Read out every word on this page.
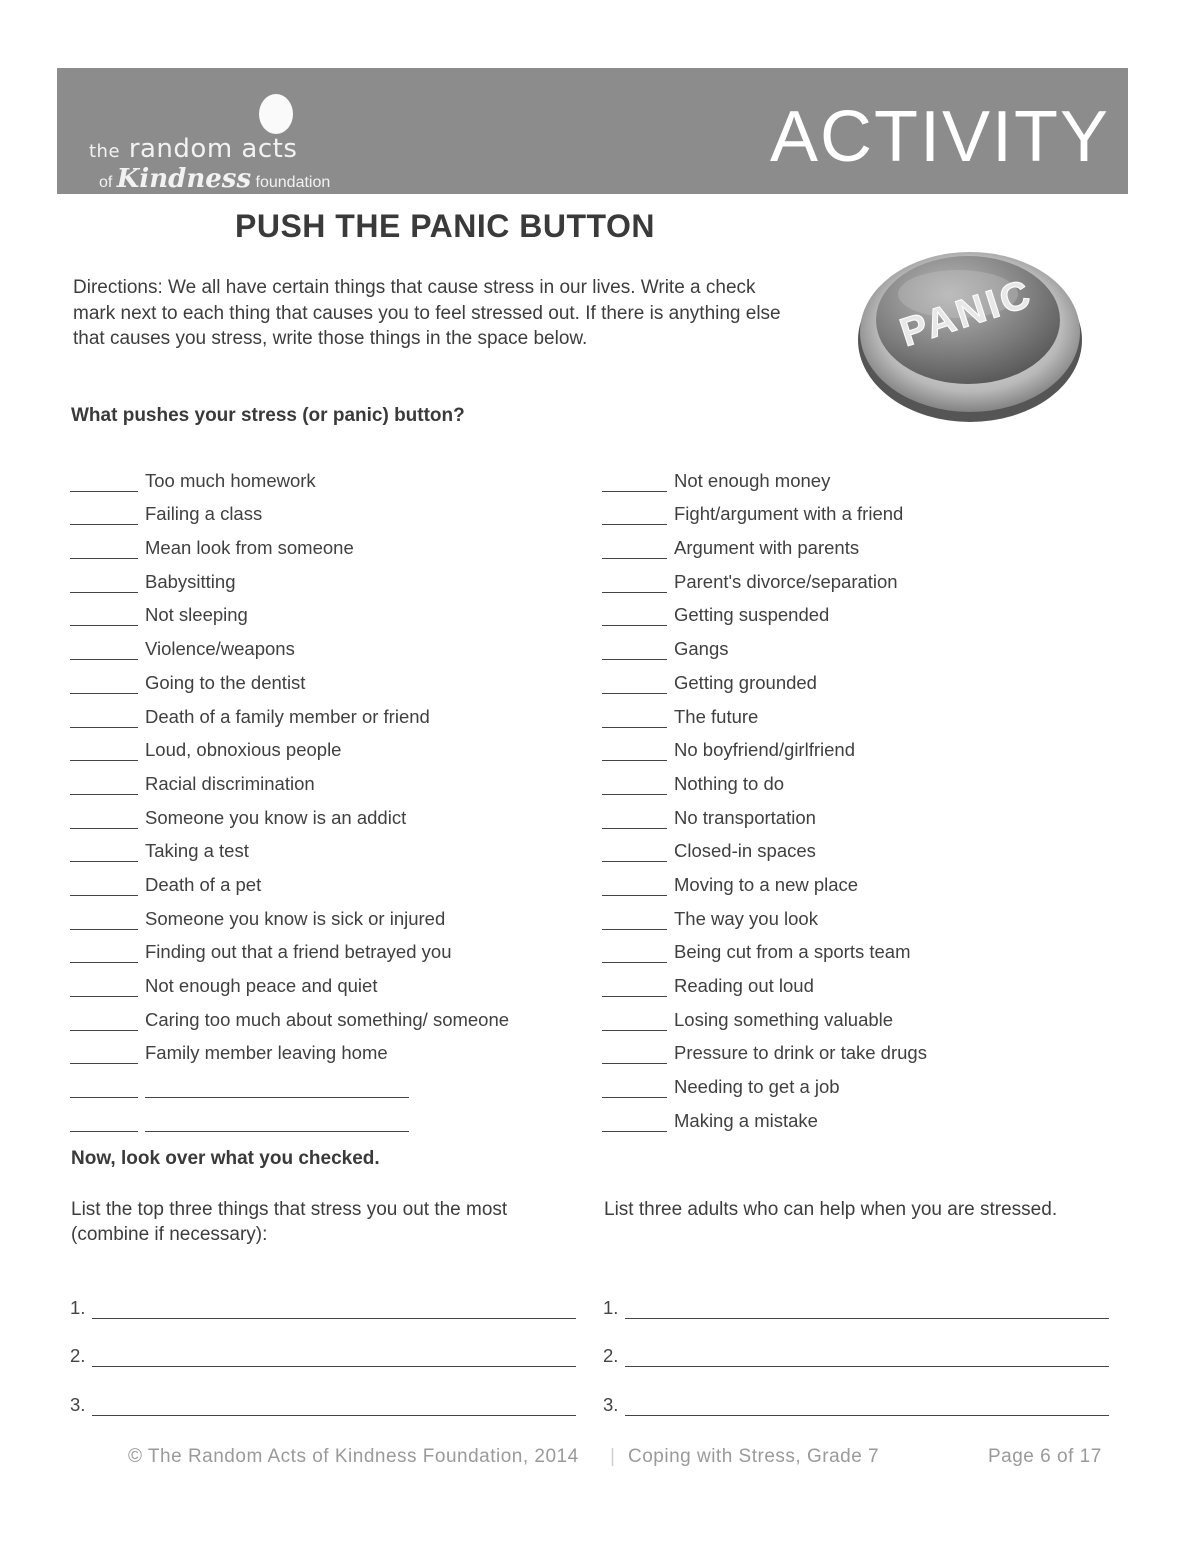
the random acts
of Kindness foundation
ACTIVITY
PUSH THE PANIC BUTTON
Directions: We all have certain things that cause stress in our lives. Write a check mark next to each thing that causes you to feel stressed out. If there is anything else that causes you stress, write those things in the space below.	PANIC
What pushes your stress (or panic) button?
Too much homework
Failing a class
Mean look from someone
Babysitting
Not sleeping
Violence/weapons
Going to the dentist
Death of a family member or friend
Loud, obnoxious people
Racial discrimination
Someone you know is an addict
Taking a test
Death of a pet
Someone you know is sick or injured
Finding out that a friend betrayed you
Not enough peace and quiet
Caring too much about something/ someone
Family member leaving home
Not enough money
Fight/argument with a friend
Argument with parents
Parent's divorce/separation
Getting suspended
Gangs
Getting grounded
The future
No boyfriend/girlfriend
Nothing to do
No transportation
Closed-in spaces
Moving to a new place
The way you look
Being cut from a sports team
Reading out loud
Losing something valuable
Pressure to drink or take drugs
Needing to get a job
Making a mistake
Now, look over what you checked.
List the top three things that stress you out the most (combine if necessary):
List three adults who can help when you are stressed.
1.
2.
3.
1.
2.
3.
© The Random Acts of Kindness Foundation, 2014 | Coping with Stress, Grade 7	Page 6 of 17
